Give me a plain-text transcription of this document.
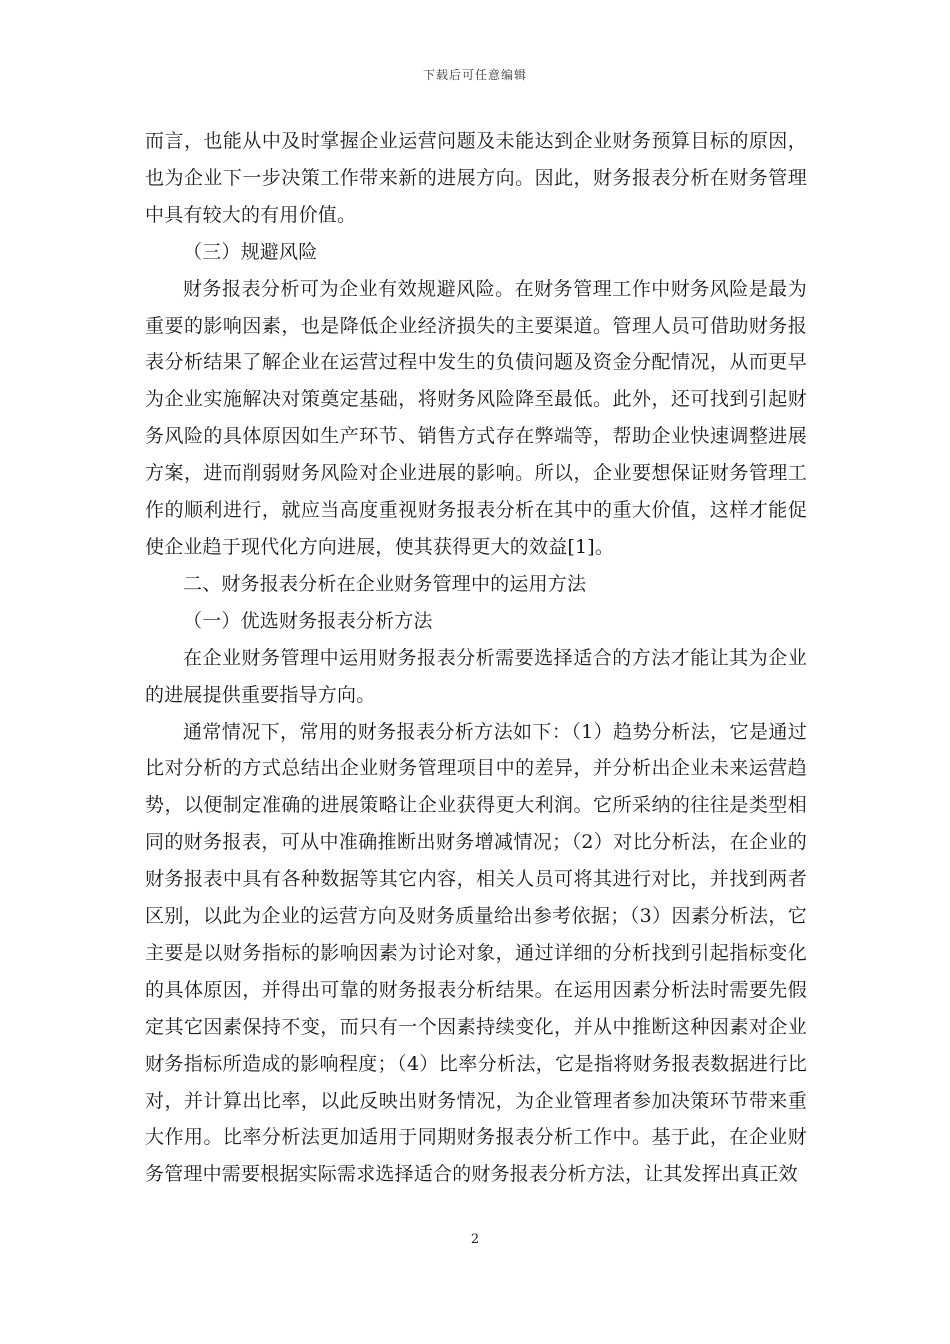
下载后可任意编辑

而言，也能从中及时掌握企业运营问题及未能达到企业财务预算目标的原因，也为企业下一步决策工作带来新的进展方向。因此，财务报表分析在财务管理中具有较大的有用价值。

（三）规避风险

财务报表分析可为企业有效规避风险。在财务管理工作中财务风险是最为重要的影响因素，也是降低企业经济损失的主要渠道。管理人员可借助财务报表分析结果了解企业在运营过程中发生的负债问题及资金分配情况，从而更早为企业实施解决对策奠定基础，将财务风险降至最低。此外，还可找到引起财务风险的具体原因如生产环节、销售方式存在弊端等，帮助企业快速调整进展方案，进而削弱财务风险对企业进展的影响。所以，企业要想保证财务管理工作的顺利进行，就应当高度重视财务报表分析在其中的重大价值，这样才能促使企业趋于现代化方向进展，使其获得更大的效益[1]。

二、财务报表分析在企业财务管理中的运用方法

（一）优选财务报表分析方法

在企业财务管理中运用财务报表分析需要选择适合的方法才能让其为企业的进展提供重要指导方向。

通常情况下，常用的财务报表分析方法如下：（1）趋势分析法，它是通过比对分析的方式总结出企业财务管理项目中的差异，并分析出企业未来运营趋势，以便制定准确的进展策略让企业获得更大利润。它所采纳的往往是类型相同的财务报表，可从中准确推断出财务增减情况；（2）对比分析法，在企业的财务报表中具有各种数据等其它内容，相关人员可将其进行对比，并找到两者区别，以此为企业的运营方向及财务质量给出参考依据；（3）因素分析法，它主要是以财务指标的影响因素为讨论对象，通过详细的分析找到引起指标变化的具体原因，并得出可靠的财务报表分析结果。在运用因素分析法时需要先假定其它因素保持不变，而只有一个因素持续变化，并从中推断这种因素对企业财务指标所造成的影响程度；（4）比率分析法，它是指将财务报表数据进行比对，并计算出比率，以此反映出财务情况，为企业管理者参加决策环节带来重大作用。比率分析法更加适用于同期财务报表分析工作中。基于此，在企业财务管理中需要根据实际需求选择适合的财务报表分析方法，让其发挥出真正效

2
